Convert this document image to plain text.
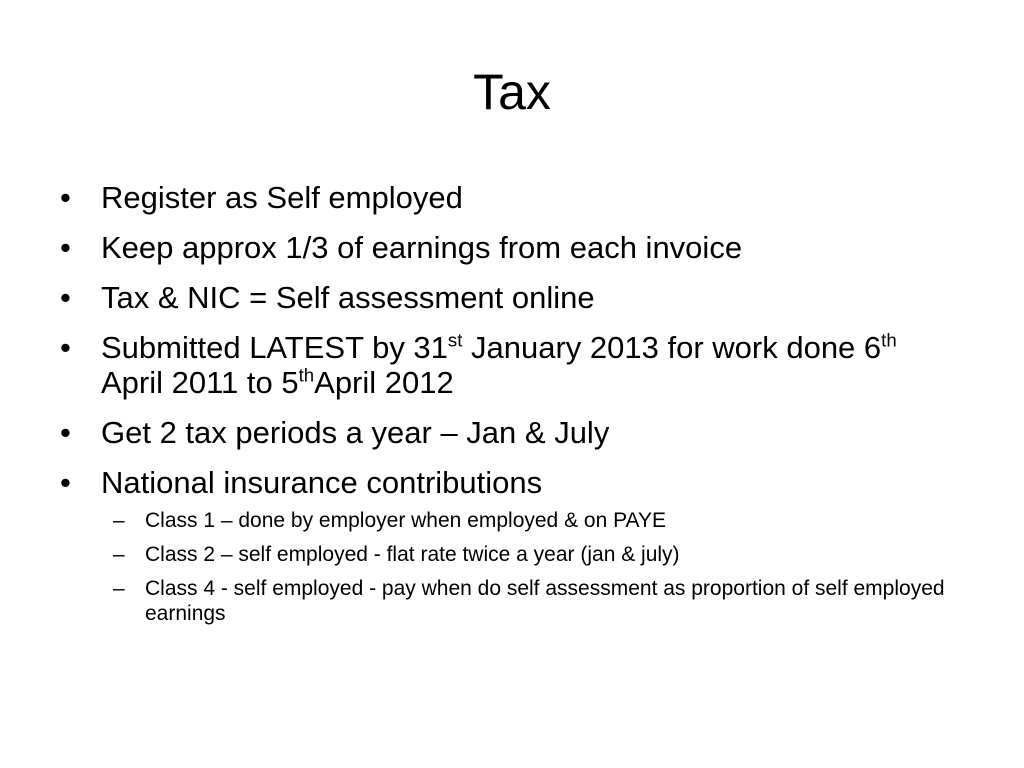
Tax
• Register as Self employed
• Keep approx 1/3 of earnings from each invoice
• Tax & NIC = Self assessment online
• Submitted LATEST by 31st January 2013 for work done 6th April 2011 to 5thApril 2012
• Get 2 tax periods a year – Jan & July
• National insurance contributions
– Class 1 – done by employer when employed & on PAYE
– Class 2 – self employed - flat rate twice a year (jan & july)
– Class 4 - self employed - pay when do self assessment as proportion of self employed earnings
